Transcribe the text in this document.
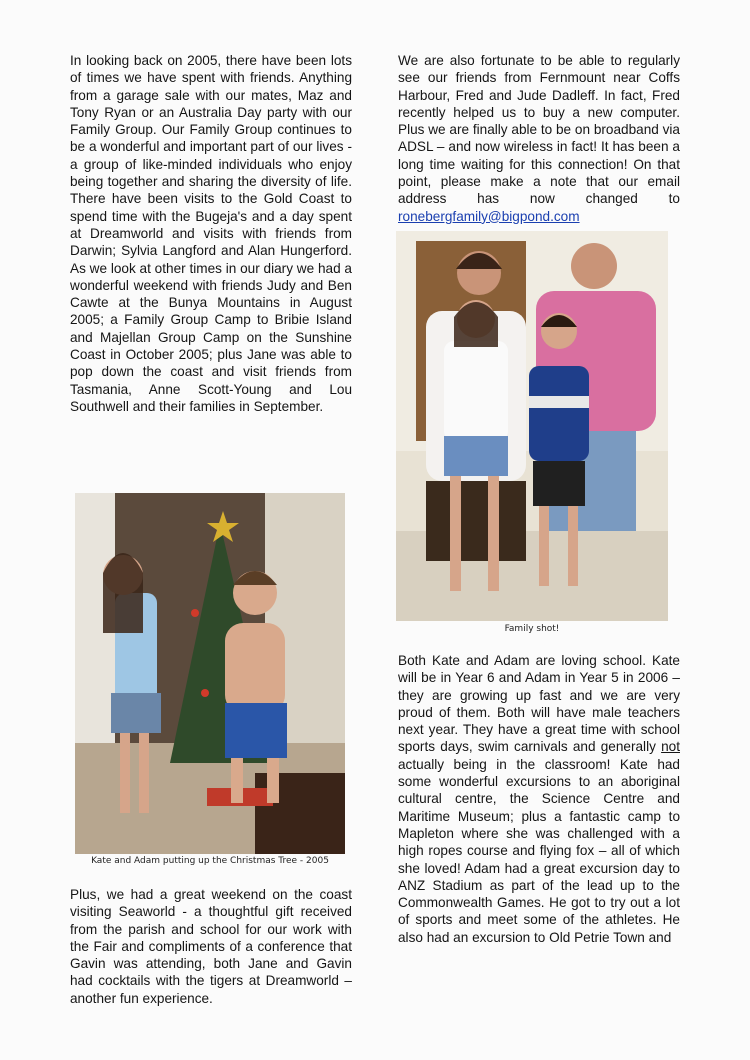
In looking back on 2005, there have been lots of times we have spent with friends. Anything from a garage sale with our mates, Maz and Tony Ryan or an Australia Day party with our Family Group. Our Family Group continues to be a wonderful and important part of our lives - a group of like-minded individuals who enjoy being together and sharing the diversity of life. There have been visits to the Gold Coast to spend time with the Bugeja's and a day spent at Dreamworld and visits with friends from Darwin; Sylvia Langford and Alan Hungerford. As we look at other times in our diary we had a wonderful weekend with friends Judy and Ben Cawte at the Bunya Mountains in August 2005; a Family Group Camp to Bribie Island and Majellan Group Camp on the Sunshine Coast in October 2005; plus Jane was able to pop down the coast and visit friends from Tasmania, Anne Scott-Young and Lou Southwell and their families in September.

Kate and Adam putting up the Christmas Tree - 2005

Plus, we had a great weekend on the coast visiting Seaworld - a thoughtful gift received from the parish and school for our work with the Fair and compliments of a conference that Gavin was attending, both Jane and Gavin had cocktails with the tigers at Dreamworld – another fun experience.

We are also fortunate to be able to regularly see our friends from Fernmount near Coffs Harbour, Fred and Jude Dadleff. In fact, Fred recently helped us to buy a new computer. Plus we are finally able to be on broadband via ADSL – and now wireless in fact! It has been a long time waiting for this connection! On that point, please make a note that our email address has now changed to ronebergfamily@bigpond.com

Family shot!

Both Kate and Adam are loving school. Kate will be in Year 6 and Adam in Year 5 in 2006 – they are growing up fast and we are very proud of them. Both will have male teachers next year. They have a great time with school sports days, swim carnivals and generally not actually being in the classroom! Kate had some wonderful excursions to an aboriginal cultural centre, the Science Centre and Maritime Museum; plus a fantastic camp to Mapleton where she was challenged with a high ropes course and flying fox – all of which she loved! Adam had a great excursion day to ANZ Stadium as part of the lead up to the Commonwealth Games. He got to try out a lot of sports and meet some of the athletes. He also had an excursion to Old Petrie Town and
